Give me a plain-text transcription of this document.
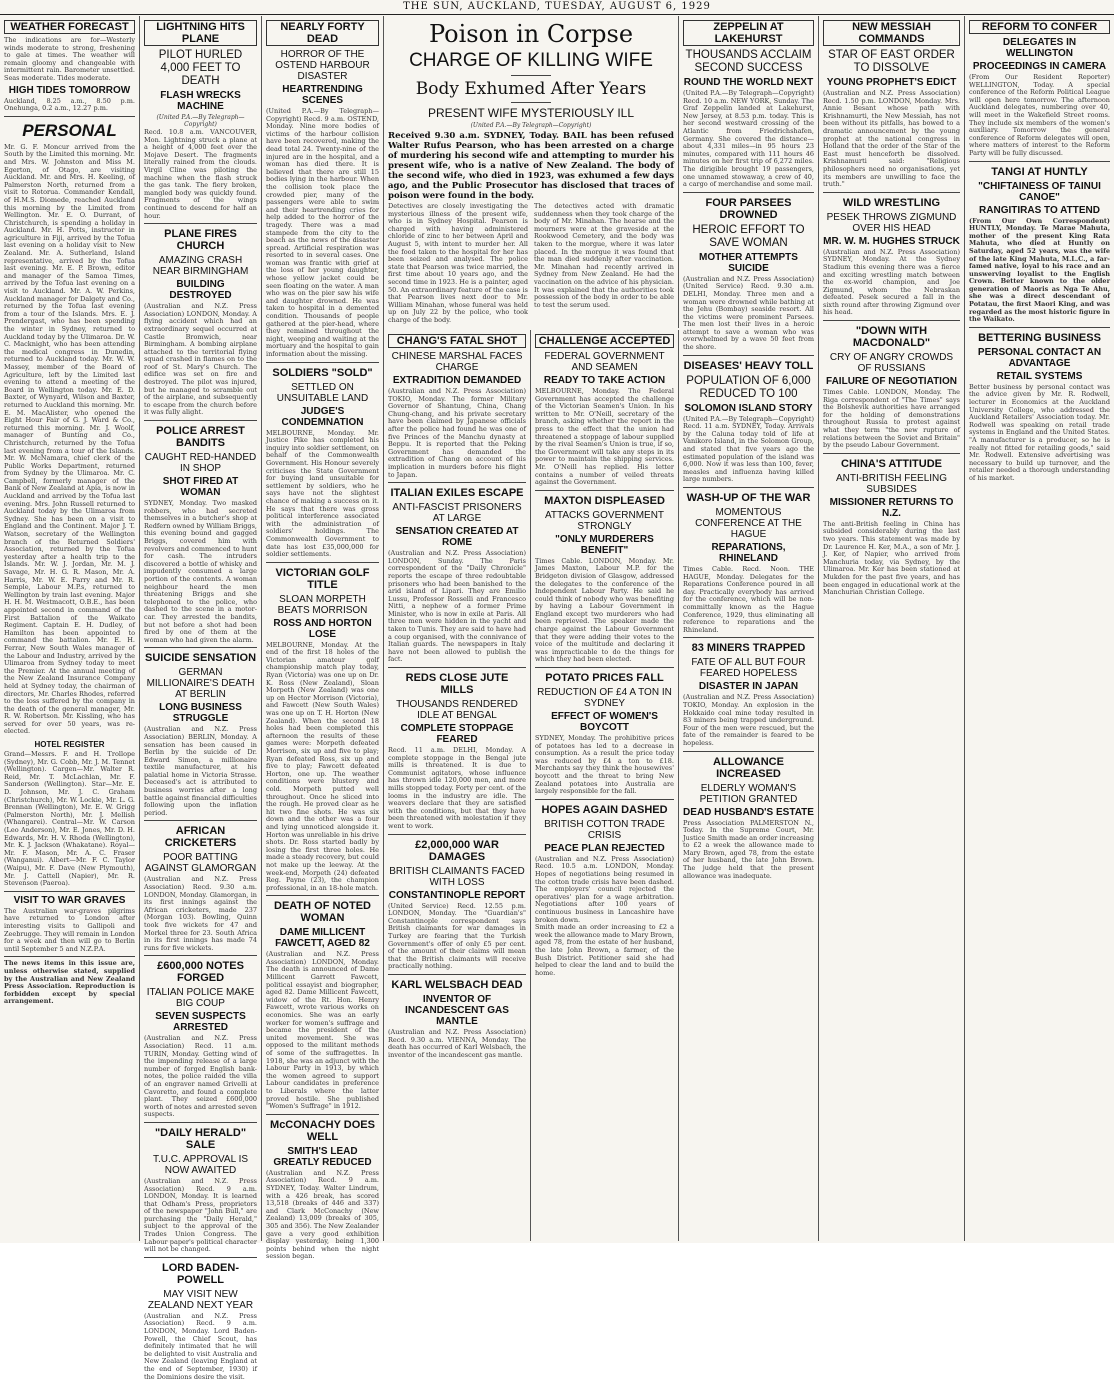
THE SUN, AUCKLAND, TUESDAY, AUGUST 6, 1929
WEATHER FORECAST

The indications are for—Westerly winds moderate to strong, freshening to gale at times. The weather will remain gloomy and changeable with intermittent rain. Barometer unsettled. Seas moderate. Tides moderate.

HIGH TIDES TOMORROW

Auckland, 8.25 a.m., 8.50 p.m. Onehunga, 0.2 a.m., 12.27 p.m.

PERSONAL

Mr. G. F. Moncur arrived from the South by the Limited this morning. Mr. and Mrs. W. Johnston and Miss M. Egerton, of Otago, are visiting Auckland. Mr. and Mrs. H. Keeling, of Palmerston North, returned from a visit to Rotorua. Commander Kendall, of H.M.S. Diomede, reached Auckland this morning by the Limited from Wellington. Mr. E. O. Durrant, of Christchurch, is spending a holiday in Auckland. Mr. H. Potts, instructor in agriculture in Fiji, arrived by the Tofua last evening on a holiday visit to New Zealand. Mr. A. Sutherland, Island representative, arrived by the Tofua last evening. Mr. E. P. Brown, editor and manager of the Samoa Times, arrived by the Tofua last evening on a visit to Auckland. Mr. A. W. Perkins, Auckland manager for Dalgety and Co., returned by the Tofua last evening from a tour of the Islands. Mrs. E. J. Prendergast, who has been spending the winter in Sydney, returned to Auckland today by the Ulimaroa. Dr. W. C. Macknight, who has been attending the medical congress in Dunedin, returned to Auckland today. Mr. W. W. Massey, member of the Board of Agriculture, left by the Limited last evening to attend a meeting of the Board in Wellington today. Mr. E. D. Baxter, of Wynyard, Wilson and Baxter, returned to Auckland this morning. Mr. E. M. MacAlister, who opened the Eight Hour Fair of G. J. Ward & Co., returned this morning. Mr. J. Woolf, manager of Bunting and Co., Christchurch, returned by the Tofua last evening from a tour of the Islands. Mr. W. McNamara, chief clerk of the Public Works Department, returned from Sydney by the Ulimaroa. Mr. C. Campbell, formerly manager of the Bank of New Zealand at Apia, is now in Auckland and arrived by the Tofua last evening. Mrs. John Russell returned to Auckland today by the Ulimaroa from Sydney. She has been on a visit to England and the Continent. Major J. T. Watson, secretary of the Wellington branch of the Returned Soldiers' Association, returned by the Tofua yesterday after a health trip to the Islands. Mr. W. J. Jordan, Mr. M. J. Savage, Mr. H. G. R. Mason, Mr. A. Harris, Mr. W. E. Parry and Mr. R. Semple, Labour M.P.s, returned to Wellington by train last evening. Major H. H. M. Westmacott, O.B.E., has been appointed second in command of the First Battalion of the Waikato Regiment. Captain E. H. Dudley, of Hamilton has been appointed to command the battalion. Mr. E. H. Ferrar, New South Wales manager of the Labour and Industry, arrived by the Ulimaroa from Sydney today to meet the Premier. At the annual meeting of the New Zealand Insurance Company held at Sydney today, the chairman of directors, Mr. Charles Rhodes, referred to the loss suffered by the company in the death of the general manager, Mr. R. W. Robertson. Mr. Kissling, who has served for over 50 years, was re-elected.

HOTEL REGISTER

Grand—Messrs. F. and H. Trollope (Sydney), Mr. G. Cobb, Mr. J. M. Tennet (Wellington). Cargen—Mr. Walter R. Reid, Mr. T. McLachlan, Mr. F. Sanderson (Wellington). Star—Mr. E. D. Johnson, Mr. J. C. Graham (Christchurch), Mr. W. Lockie, Mr. L. G. Brennan (Wellington), Mr. E. W. Grigg (Palmerston North), Mr. J. Mellish (Whangarei). Central—Mr. W. Carson (Leo Anderson), Mr. E. Jones, Mr. D. H. Edwards, Mr. H. V. Rhoda (Wellington), Mr. K. J. Jackson (Whakatane). Royal—Mr. F. Mason, Mr. A. C. Fraser (Wanganui). Albert—Mr. F. C. Taylor (Waipu), Mr. F. Dave (New Plymouth), Mr. J. Cattell (Napier), Mr. R. Stevenson (Paeroa).

VISIT TO WAR GRAVES

The Australian war-graves pilgrims have returned to London after interesting visits to Gallipoli and Zeebrugge. They will remain in London for a week and then will go to Berlin until September 5 and N.Z.P.A.

The news items in this issue are, unless otherwise stated, supplied by the Australian and New Zealand Press Association. Reproduction is forbidden except by special arrangement.

LIGHTNING HITS PLANE
PILOT HURLED 4,000 FEET TO DEATH
FLASH WRECKS MACHINE
(United P.A.—By Telegraph—Copyright)

Recd. 10.8 a.m. VANCOUVER, Mon. Lightning struck a plane at a height of 4,000 feet over the Mojave Desert. The fragments literally rained from the clouds. Virgil Cline was piloting the machine when the flash struck the gas tank. The fiery broken, mangled body was quickly found. Fragments of the wings continued to descend for half an hour.

PLANE FIRES CHURCH
AMAZING CRASH NEAR BIRMINGHAM
BUILDING DESTROYED

(Australian and N.Z. Press Association) LONDON, Monday. A flying accident which had an extraordinary sequel occurred at Castle Bromwich, near Birmingham. A bombing airplane attached to the territorial flying squad crashed in flames on to the roof of St. Mary's Church. The edifice was set on fire and destroyed. The pilot was injured, but he managed to scramble out of the airplane, and subsequently to escape from the church before it was fully alight.

POLICE ARREST BANDITS
CAUGHT RED-HANDED IN SHOP
SHOT FIRED AT WOMAN

SYDNEY, Monday. Two masked robbers, who had secreted themselves in a butcher's shop at Redfern owned by William Briggs, this evening bound and gagged Briggs, covered him with revolvers and commenced to hunt for cash. The intruders discovered a bottle of whisky and impudently consumed a large portion of the contents. A woman neighbour heard the men threatening Briggs and she telephoned to the police, who dashed to the scene in a motor-car. They arrested the bandits, but not before a shot had been fired by one of them at the woman who had given the alarm.

SUICIDE SENSATION
GERMAN MILLIONAIRE'S DEATH AT BERLIN
LONG BUSINESS STRUGGLE

(Australian and N.Z. Press Association) BERLIN, Monday. A sensation has been caused in Berlin by the suicide of Dr. Edward Simon, a millionaire textile manufacturer, at his palatial home in Victoria Strasse. Deceased's act is attributed to business worries after a long battle against financial difficulties following upon the inflation period.

AFRICAN CRICKETERS
POOR BATTING AGAINST GLAMORGAN

(Australian and N.Z. Press Association) Recd. 9.30 a.m. LONDON, Monday. Glamorgan, in its first innings against the African cricketers, made 237 (Morgan 103). Bowling, Quinn took five wickets for 47 and Morkel three for 23. South Africa in its first innings has made 74 runs for five wickets.

£600,000 NOTES FORGED
ITALIAN POLICE MAKE BIG COUP
SEVEN SUSPECTS ARRESTED

(Australian and N.Z. Press Association) Recd. 11 a.m. TURIN, Monday. Getting wind of the impending release of a large number of forged English bank-notes, the police raided the villa of an engraver named Grivelli at Cavoretto, and found a complete plant. They seized £600,000 worth of notes and arrested seven suspects.

"DAILY HERALD" SALE
T.U.C. APPROVAL IS NOW AWAITED

(Australian and N.Z. Press Association) Recd. 9 a.m. LONDON, Monday. It is learned that Odham's Press, proprietors of the newspaper "John Bull," are purchasing the "Daily Herald," subject to the approval of the Trades Union Congress. The Labour paper's political character will not be changed.

LORD BADEN-POWELL
MAY VISIT NEW ZEALAND NEXT YEAR

(Australian and N.Z. Press Association) Recd. 9 a.m. LONDON, Monday. Lord Baden-Powell, the Chief Scout, has definitely intimated that he will be delighted to visit Australia and New Zealand (leaving England at the end of September, 1930) if the Dominions desire the visit.

NEARLY FORTY DEAD
HORROR OF THE OSTEND HARBOUR DISASTER
HEARTRENDING SCENES

(United P.A.—By Telegraph—Copyright) Recd. 9 a.m. OSTEND, Monday. Nine more bodies of victims of the harbour collision have been recovered, making the dead total 24. Twenty-nine of the injured are in the hospital, and a woman has died there. It is believed that there are still 15 bodies lying in the harbour. When the collision took place the crowded pier, many of the passengers were able to swim and their heartrending cries for help added to the horror of the tragedy. There was a mad stampede from the city to the beach as the news of the disaster spread. Artificial respiration was resorted to in several cases. One woman was frantic with grief at the loss of her young daughter, whose yellow jacket could be seen floating on the water. A man who was on the pier saw his wife and daughter drowned. He was taken to hospital in a demented condition. Thousands of people gathered at the pier-head, where they remained throughout the night, weeping and waiting at the mortuary and the hospital to gain information about the missing.

SOLDIERS "SOLD"
SETTLED ON UNSUITABLE LAND
JUDGE'S CONDEMNATION

MELBOURNE, Monday. Mr. Justice Pike has completed his inquiry into soldier settlement, on behalf of the Commonwealth Government. His Honour severely criticises the State Government for buying land unsuitable for settlement by soldiers, who he says have not the slightest chance of making a success on it. He says that there was gross political interference associated with the administration of soldiers' holdings. The Commonwealth Government to date has lost £35,000,000 for soldier settlements.

VICTORIAN GOLF TITLE
SLOAN MORPETH BEATS MORRISON
ROSS AND HORTON LOSE

MELBOURNE, Monday. At the end of the first 18 holes of the Victorian amateur golf championship match play today, Ryan (Victoria) was one up on Dr. K. Ross (New Zealand), Sloan Morpeth (New Zealand) was one up on Hector Morrison (Victoria), and Fawcett (New South Wales) was one up on T. H. Horton (New Zealand). When the second 18 holes had been completed this afternoon the results of these games were: Morpeth defeated Morrison, six up and five to play; Ryan defeated Ross, six up and five to play; Fawcett defeated Horton, one up. The weather conditions were blustery and cold. Morpeth putted well throughout. Once he sliced into the rough. He proved clear as he hit two fine shots. He was six down and the other was a four and lying unnoticed alongside it. Horton was unreliable in his drive shots. Dr. Ross started badly by losing the first three holes. He made a steady recovery, but could not make up the leeway. At the week-end, Morpeth (24) defeated Reg. Payne (23), the champion professional, in an 18-hole match.

DEATH OF NOTED WOMAN
DAME MILLICENT FAWCETT, AGED 82

(Australian and N.Z. Press Association) LONDON, Monday. The death is announced of Dame Millicent Garrett Fawcett, political essayist and biographer, aged 82. Dame Millicent Fawcett, widow of the Rt. Hon. Henry Fawcett, wrote various works on economics. She was an early worker for women's suffrage and became the president of the united movement. She was opposed to the militant methods of some of the suffragettes. In 1918, she was an adjunct with the Labour Party in 1913, by which the women agreed to support Labour candidates in preference to Liberals where the latter proved hostile. She published "Women's Suffrage" in 1912.

McCONACHY DOES WELL
SMITH'S LEAD GREATLY REDUCED

(Australian and N.Z. Press Association) Recd. 9 a.m. SYDNEY, Today. Walter Lindrum, with a 426 break, has scored 13,518 (breaks of 446 and 337) and Clark McConachy (New Zealand) 13,009 (breaks of 305, 305 and 356). The New Zealander gave a very good exhibition display yesterday, being 1,300 points behind when the night session began.

Poison in Corpse
CHARGE OF KILLING WIFE
Body Exhumed After Years
PRESENT WIFE MYSTERIOUSLY ILL
(United P.A.—By Telegraph—Copyright)

Received 9.30 a.m. SYDNEY, Today. BAIL has been refused Walter Rufus Pearson, who has been arrested on a charge of murdering his second wife and attempting to murder his present wife, who is a native of New Zealand. The body of the second wife, who died in 1923, was exhumed a few days ago, and the Public Prosecutor has disclosed that traces of poison were found in the body.

Detectives are closely investigating the mysterious illness of the present wife, who is in Sydney Hospital. Pearson is charged with having administered chloride of zinc to her between April and August 5, with intent to murder her. All the food taken to the hospital for her has been seized and analysed. The police state that Pearson was twice married, the first time about 10 years ago, and the second time in 1923. He is a painter, aged 50. An extraordinary feature of the case is that Pearson lives next door to Mr. William Minahan, whose funeral was held up on July 22 by the police, who took charge of the body.

The detectives acted with dramatic suddenness when they took charge of the body of Mr. Minahan. The hearse and the mourners were at the graveside at the Rookwood Cemetery, and the body was taken to the morgue, where it was later placed. In the morgue it was found that the man died suddenly after vaccination. Mr. Minahan had recently arrived in Sydney from New Zealand. He had the vaccination on the advice of his physician. It was explained that the authorities took possession of the body in order to be able to test the serum used.

CHANG'S FATAL SHOT
CHINESE MARSHAL FACES CHARGE
EXTRADITION DEMANDED

(Australian and N.Z. Press Association) TOKIO, Monday. The former Military Governor of Shantung, China, Chang Chung-chang, and his private secretary have been claimed by Japanese officials after the police had found he was one of five Princes of the Manchu dynasty at Beppu. It is reported that the Peking Government has demanded the extradition of Chang on account of his implication in murders before his flight to Japan.

ITALIAN EXILES ESCAPE
ANTI-FASCIST PRISONERS AT LARGE
SENSATION CREATED AT ROME

(Australian and N.Z. Press Association) LONDON, Sunday. The Paris correspondent of the "Daily Chronicle" reports the escape of three redoubtable prisoners who had been banished to the arid island of Lipari. They are Emilio Lussu, Professor Rosselli and Francesco Nitti, a nephew of a former Prime Minister, who is now in exile at Paris. All three men were hidden in the yacht and taken to Tunis. They are said to have had a coup organised, with the connivance of Italian guards. The newspapers in Italy have not been allowed to publish the fact.

REDS CLOSE JUTE MILLS
THOUSANDS RENDERED IDLE AT BENGAL
COMPLETE STOPPAGE FEARED

Recd. 11 a.m. DELHI, Monday. A complete stoppage in the Bengal jute mills is threatened. It is due to Communist agitators, whose influence has thrown idle 120,000 men, and more mills stopped today. Forty per cent. of the looms in the industry are idle. The weavers declare that they are satisfied with the conditions, but that they have been threatened with molestation if they went to work.

£2,000,000 WAR DAMAGES
BRITISH CLAIMANTS FACED WITH LOSS
CONSTANTINOPLE REPORT

(United Service) Recd. 12.55 p.m. LONDON, Monday. The "Guardian's" Constantinople correspondent says British claimants for war damages in Turkey are fearing that the Turkish Government's offer of only £5 per cent. of the amount of their claims will mean that the British claimants will receive practically nothing.

KARL WELSBACH DEAD
INVENTOR OF INCANDESCENT GAS MANTLE

(Australian and N.Z. Press Association) Recd. 9.30 a.m. VIENNA, Monday. The death has occurred of Karl Welsbach, the inventor of the incandescent gas mantle.

CHALLENGE ACCEPTED
FEDERAL GOVERNMENT AND SEAMEN
READY TO TAKE ACTION

MELBOURNE, Monday. The Federal Government has accepted the challenge of the Victorian Seamen's Union. In his written to Mr. O'Neill, secretary of the branch, asking whether the report in the press to the effect that the union had threatened a stoppage of labour supplied by the rival Seamen's Union is true, if so, the Government will take any steps in its power to maintain the shipping services. Mr. O'Neill has replied. His letter contains a number of veiled threats against the Government.

MAXTON DISPLEASED
ATTACKS GOVERNMENT STRONGLY
"ONLY MURDERERS BENEFIT"

Times Cable. LONDON, Monday. Mr. James Maxton, Labour M.P. for the Bridgeton division of Glasgow, addressed the delegates to the conference of the Independent Labour Party. He said he could think of nobody who was benefiting by having a Labour Government in England except two murderers who had been reprieved. The speaker made the charge against the Labour Government that they were adding their votes to the voice of the multitude and declaring it was impracticable to do the things for which they had been elected.

POTATO PRICES FALL
REDUCTION OF £4 A TON IN SYDNEY
EFFECT OF WOMEN'S BOYCOTT

SYDNEY, Monday. The prohibitive prices of potatoes has led to a decrease in consumption. As a result the price today was reduced by £4 a ton to £18. Merchants say they think the housewives' boycott and the threat to bring New Zealand potatoes into Australia are largely responsible for the fall.

HOPES AGAIN DASHED
BRITISH COTTON TRADE CRISIS
PEACE PLAN REJECTED

(Australian and N.Z. Press Association) Recd. 10.5 a.m. LONDON, Monday. Hopes of negotiations being resumed in the cotton trade crisis have been dashed. The employers' council rejected the operatives' plan for a wage arbitration. Negotiations after 100 years of continuous business in Lancashire have broken down.

Smith made an order increasing to £2 a week the allowance made to Mary Brown, aged 78, from the estate of her husband, the late John Brown, a farmer, of the Bush District. Petitioner said she had helped to clear the land and to build the home.

ZEPPELIN AT LAKEHURST
THOUSANDS ACCLAIM SECOND SUCCESS
ROUND THE WORLD NEXT

(United P.A.—By Telegraph—Copyright) Recd. 10 a.m. NEW YORK, Sunday. The Graf Zeppelin landed at Lakehurst, New Jersey, at 8.53 p.m. today. This is her second westward crossing of the Atlantic from Friedrichshafen, Germany. She covered the distance—about 4,331 miles—in 95 hours 23 minutes, compared with 111 hours 46 minutes on her first trip of 6,272 miles. The dirigible brought 19 passengers, one unnamed stowaway, a crew of 40, a cargo of merchandise and some mail.

FOUR PARSEES DROWNED
HEROIC EFFORT TO SAVE WOMAN
MOTHER ATTEMPTS SUICIDE

(Australian and N.Z. Press Association) (United Service) Recd. 9.30 a.m. DELHI, Monday. Three men and a woman were drowned while bathing at the Jehu (Bombay) seaside resort. All the victims were prominent Parsees. The men lost their lives in a heroic attempt to save a woman who was overwhelmed by a wave 50 feet from the shore.

DISEASES' HEAVY TOLL
POPULATION OF 6,000 REDUCED TO 100
SOLOMON ISLAND STORY

(United P.A.—By Telegraph—Copyright) Recd. 11 a.m. SYDNEY, Today. Arrivals by the Caluna today told of life at Vanikoro Island, in the Solomon Group, and stated that five years ago the estimated population of the island was 6,000. Now it was less than 100, fever, measles and influenza having killed large numbers.

WASH-UP OF THE WAR
MOMENTOUS CONFERENCE AT THE HAGUE
REPARATIONS, RHINELAND

Times Cable. Recd. Noon. THE HAGUE, Monday. Delegates for the Reparations Conference poured in all day. Practically everybody has arrived for the conference, which will be non-committally known as the Hague Conference, 1929, thus eliminating all reference to reparations and the Rhineland.

83 MINERS TRAPPED
FATE OF ALL BUT FOUR FEARED HOPELESS
DISASTER IN JAPAN

(Australian and N.Z. Press Association) TOKIO, Monday. An explosion in the Hokkaido coal mine today resulted in 83 miners being trapped underground. Four of the men were rescued, but the fate of the remainder is feared to be hopeless.

ALLOWANCE INCREASED
ELDERLY WOMAN'S PETITION GRANTED
DEAD HUSBAND'S ESTATE

Press Association PALMERSTON N., Today. In the Supreme Court, Mr. Justice Smith made an order increasing to £2 a week the allowance made to Mary Brown, aged 78, from the estate of her husband, the late John Brown. The judge held that the present allowance was inadequate.

NEW MESSIAH COMMANDS
STAR OF EAST ORDER TO DISSOLVE
YOUNG PROPHET'S EDICT

(Australian and N.Z. Press Association) Recd. 1.50 p.m. LONDON, Monday. Mrs. Annie Besant whose path with Krishnamurti, the New Messiah, has not been without its pitfalls, has bowed to a dramatic announcement by the young prophet at the national congress in Holland that the order of the Star of the East must henceforth be dissolved. Krishnamurti said: "Religious philosophers need no organisations, yet its members are unwilling to face the truth."

WILD WRESTLING
PESEK THROWS ZIGMUND OVER HIS HEAD
MR. W. M. HUGHES STRUCK

(Australian and N.Z. Press Association) SYDNEY, Monday. At the Sydney Stadium this evening there was a fierce and exciting wrestling match between the ex-world champion, and Joe Zigmund, whom the Nebraskan defeated. Pesek secured a fall in the sixth round after throwing Zigmund over his head.

"DOWN WITH MACDONALD"
CRY OF ANGRY CROWDS OF RUSSIANS
FAILURE OF NEGOTIATION

Times Cable. LONDON, Monday. The Riga correspondent of "The Times" says the Bolshevik authorities have arranged for the holding of demonstrations throughout Russia to protest against what they term "the new rupture of relations between the Soviet and Britain" by the pseudo Labour Government.

CHINA'S ATTITUDE
ANTI-BRITISH FEELING SUBSIDES
MISSIONER RETURNS TO N.Z.

The anti-British feeling in China has subsided considerably during the last two years. This statement was made by Dr. Laurence H. Ker, M.A., a son of Mr. J. J. Ker, of Napier, who arrived from Manchuria today, via Sydney, by the Ulimaroa. Mr. Ker has been stationed at Mukden for the past five years, and has been engaged in educational work at the Manchurian Christian College.

REFORM TO CONFER
DELEGATES IN WELLINGTON
PROCEEDINGS IN CAMERA

(From Our Resident Reporter) WELLINGTON, Today. A special conference of the Reform Political League will open here tomorrow. The afternoon Auckland delegates, numbering over 40, will meet in the Wakefield Street rooms. They include six members of the women's auxiliary. Tomorrow the general conference of Reform delegates will open, where matters of interest to the Reform Party will be fully discussed.

TANGI AT HUNTLY
"CHIFTAINESS OF TAINUI CANOE"
RANGITIRAS TO ATTEND

(From Our Own Correspondent) HUNTLY, Monday. Te Marae Mahuta, mother of the present King Rata Mahuta, who died at Huntly on Saturday, aged 52 years, was the wife of the late King Mahuta, M.L.C., a far-famed native, loyal to his race and an unswerving loyalist to the English Crown. Better known to the older generation of Maoris as Nga Te Ahu, she was a direct descendant of Potatau, the first Maori King, and was regarded as the most historic figure in the Waikato.

BETTERING BUSINESS
PERSONAL CONTACT AN ADVANTAGE
RETAIL SYSTEMS

Better business by personal contact was the advice given by Mr. R. Rodwell, lecturer in Economics at the Auckland University College, who addressed the Auckland Retailers' Association today. Mr. Rodwell was speaking on retail trade systems in England and the United States. "A manufacturer is a producer, so he is really not fitted for retailing goods," said Mr. Rodwell. Extensive advertising was necessary to build up turnover, and the retailer needed a thorough understanding of his market.
